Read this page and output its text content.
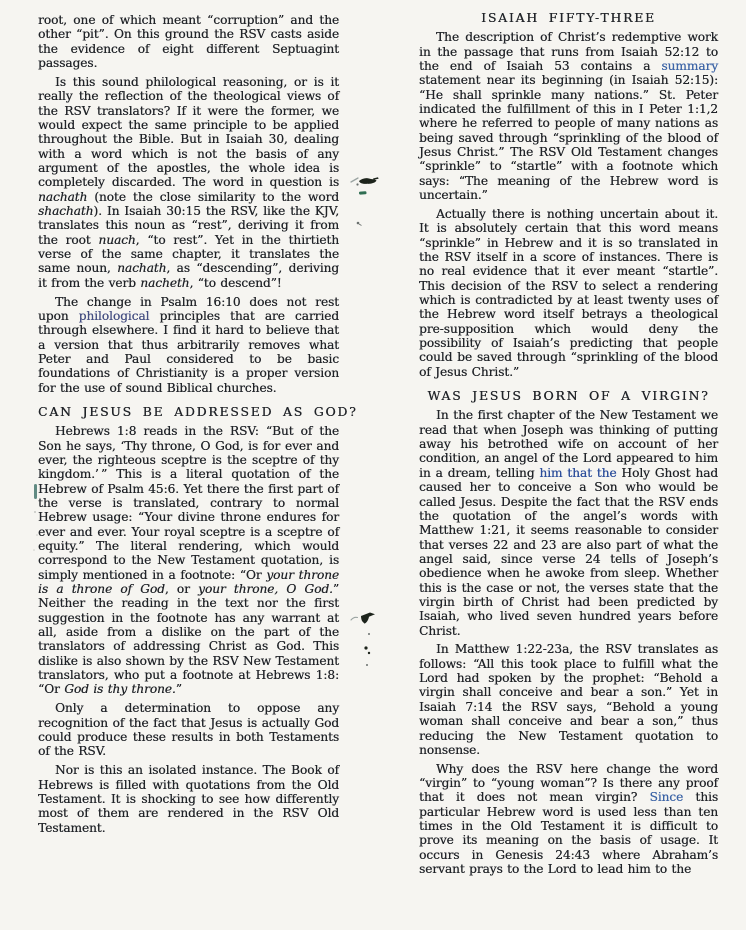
root, one of which meant “corruption” and the other “pit”. On this ground the RSV casts aside the evidence of eight different Septuagint passages.

Is this sound philological reasoning, or is it really the reflection of the theological views of the RSV translators? If it were the former, we would expect the same principle to be applied throughout the Bible. But in Isaiah 30, dealing with a word which is not the basis of any argument of the apostles, the whole idea is completely discarded. The word in question is nachath (note the close similarity to the word shachath). In Isaiah 30:15 the RSV, like the KJV, translates this noun as “rest”, deriving it from the root nuach, “to rest”. Yet in the thirtieth verse of the same chapter, it translates the same noun, nachath, as “descending”, deriving it from the verb nacheth, “to descend”!

The change in Psalm 16:10 does not rest upon philological principles that are carried through elsewhere. I find it hard to believe that a version that thus arbitrarily removes what Peter and Paul considered to be basic foundations of Christianity is a proper version for the use of sound Biblical churches.

CAN JESUS BE ADDRESSED AS GOD?

Hebrews 1:8 reads in the RSV: “But of the Son he says, ‘Thy throne, O God, is for ever and ever, the righteous sceptre is the sceptre of thy kingdom.’ ” This is a literal quotation of the Hebrew of Psalm 45:6. Yet there the first part of the verse is translated, contrary to normal Hebrew usage: “Your divine throne endures for ever and ever. Your royal sceptre is a sceptre of equity.” The literal rendering, which would correspond to the New Testament quotation, is simply mentioned in a footnote: “Or your throne is a throne of God, or your throne, O God.” Neither the reading in the text nor the first suggestion in the footnote has any warrant at all, aside from a dislike on the part of the translators of addressing Christ as God. This dislike is also shown by the RSV New Testament translators, who put a footnote at Hebrews 1:8: “Or God is thy throne.”

Only a determination to oppose any recognition of the fact that Jesus is actually God could produce these results in both Testaments of the RSV.

Nor is this an isolated instance. The Book of Hebrews is filled with quotations from the Old Testament. It is shocking to see how differently most of them are rendered in the RSV Old Testament.

ISAIAH FIFTY-THREE

The description of Christ’s redemptive work in the passage that runs from Isaiah 52:12 to the end of Isaiah 53 contains a summary statement near its beginning (in Isaiah 52:15): “He shall sprinkle many nations.” St. Peter indicated the fulfillment of this in I Peter 1:1,2 where he referred to people of many nations as being saved through “sprinkling of the blood of Jesus Christ.” The RSV Old Testament changes “sprinkle” to “startle” with a footnote which says: “The meaning of the Hebrew word is uncertain.”

Actually there is nothing uncertain about it. It is absolutely certain that this word means “sprinkle” in Hebrew and it is so translated in the RSV itself in a score of instances. There is no real evidence that it ever meant “startle”. This decision of the RSV to select a rendering which is contradicted by at least twenty uses of the Hebrew word itself betrays a theological pre-supposition which would deny the possibility of Isaiah’s predicting that people could be saved through “sprinkling of the blood of Jesus Christ.”

WAS JESUS BORN OF A VIRGIN?

In the first chapter of the New Testament we read that when Joseph was thinking of putting away his betrothed wife on account of her condition, an angel of the Lord appeared to him in a dream, telling him that the Holy Ghost had caused her to conceive a Son who would be called Jesus. Despite the fact that the RSV ends the quotation of the angel’s words with Matthew 1:21, it seems reasonable to consider that verses 22 and 23 are also part of what the angel said, since verse 24 tells of Joseph’s obedience when he awoke from sleep. Whether this is the case or not, the verses state that the virgin birth of Christ had been predicted by Isaiah, who lived seven hundred years before Christ.

In Matthew 1:22-23a, the RSV translates as follows: “All this took place to fulfill what the Lord had spoken by the prophet: “Behold a virgin shall conceive and bear a son.” Yet in Isaiah 7:14 the RSV says, “Behold a young woman shall conceive and bear a son,” thus reducing the New Testament quotation to nonsense.

Why does the RSV here change the word “virgin” to “young woman”? Is there any proof that it does not mean virgin? Since this particular Hebrew word is used less than ten times in the Old Testament it is difficult to prove its meaning on the basis of usage. It occurs in Genesis 24:43 where Abraham’s servant prays to the Lord to lead him to the
